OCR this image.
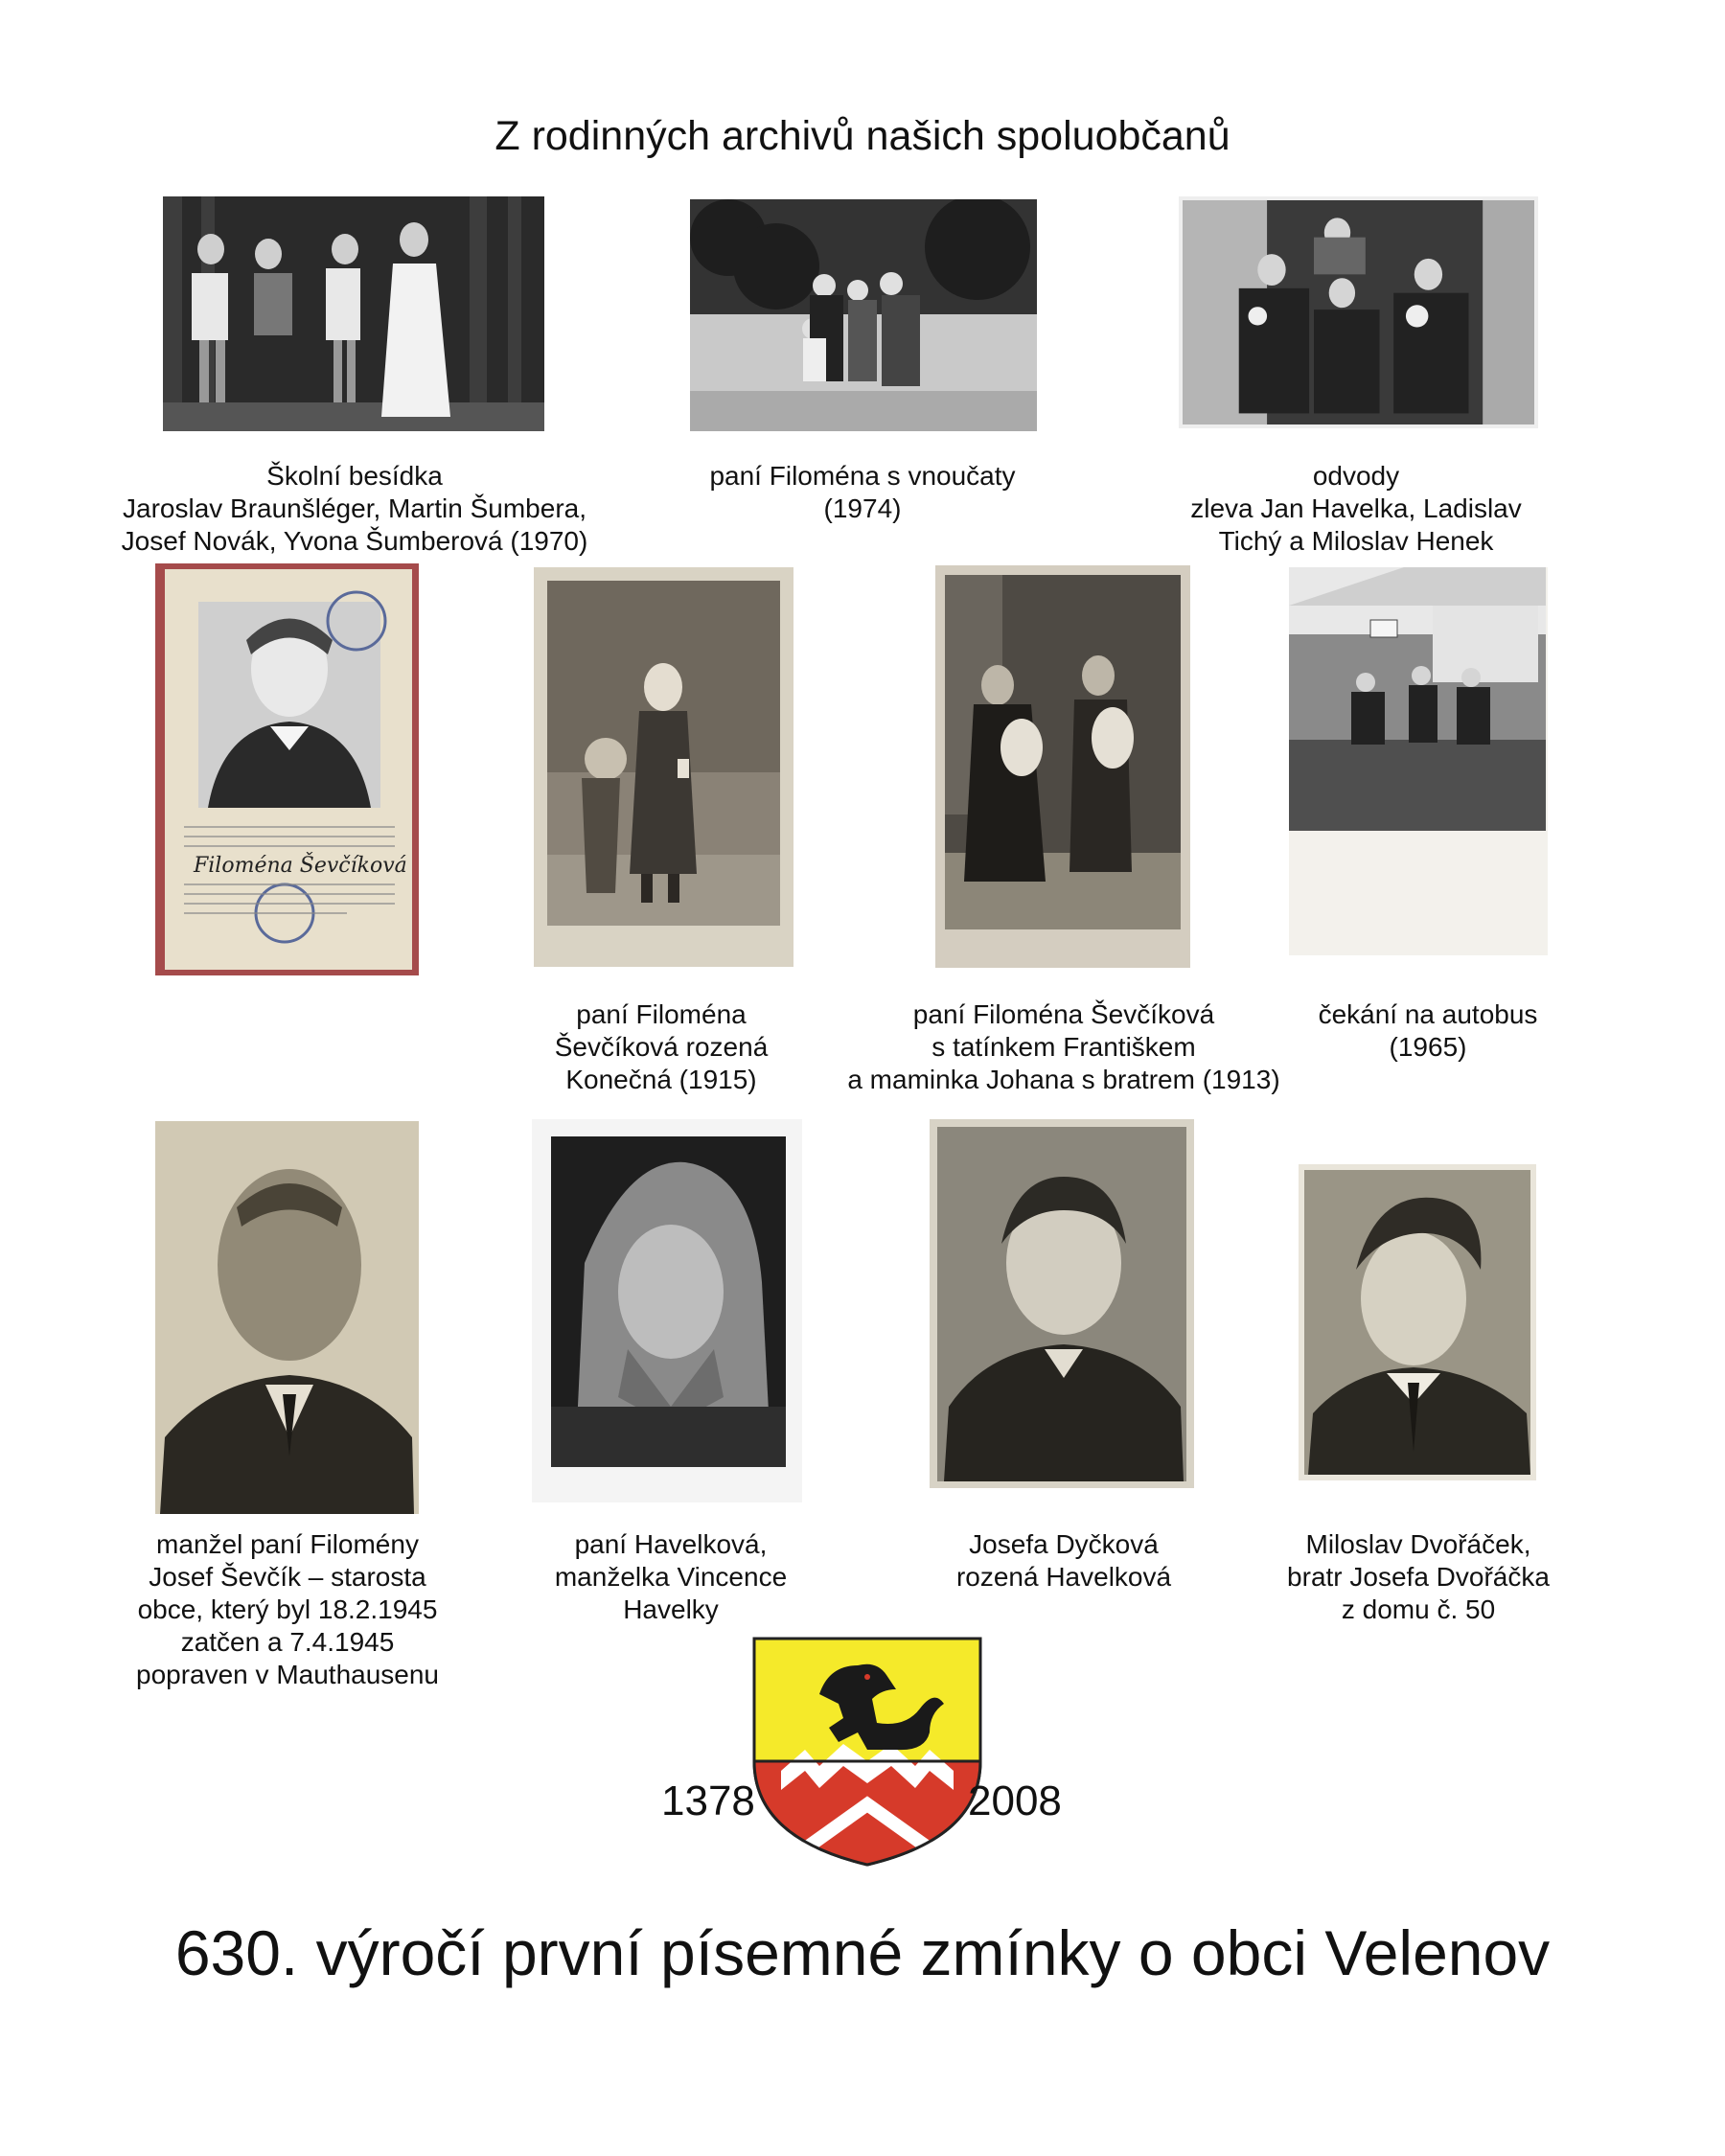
Z rodinných archivů našich spoluobčanů
Školní besídka
Jaroslav Braunšléger, Martin Šumbera,
Josef Novák, Yvona Šumberová (1970)
paní Filoména s vnoučaty
(1974)
odvody
zleva Jan Havelka, Ladislav
Tichý a Miloslav Henek
Filoména Ševčíková
paní Filoména
Ševčíková rozená
Konečná (1915)
paní Filoména Ševčíková
s tatínkem Františkem
a maminka Johana s bratrem (1913)
čekání na autobus
(1965)
manžel paní Filomény
Josef Ševčík – starosta
obce, který byl 18.2.1945
zatčen a 7.4.1945
popraven v Mauthausenu
paní Havelková,
manželka Vincence
Havelky
Josefa Dyčková
rozená Havelková
Miloslav Dvořáček,
bratr Josefa Dvořáčka
z domu č. 50
1378	2008
630. výročí první písemné zmínky o obci Velenov
